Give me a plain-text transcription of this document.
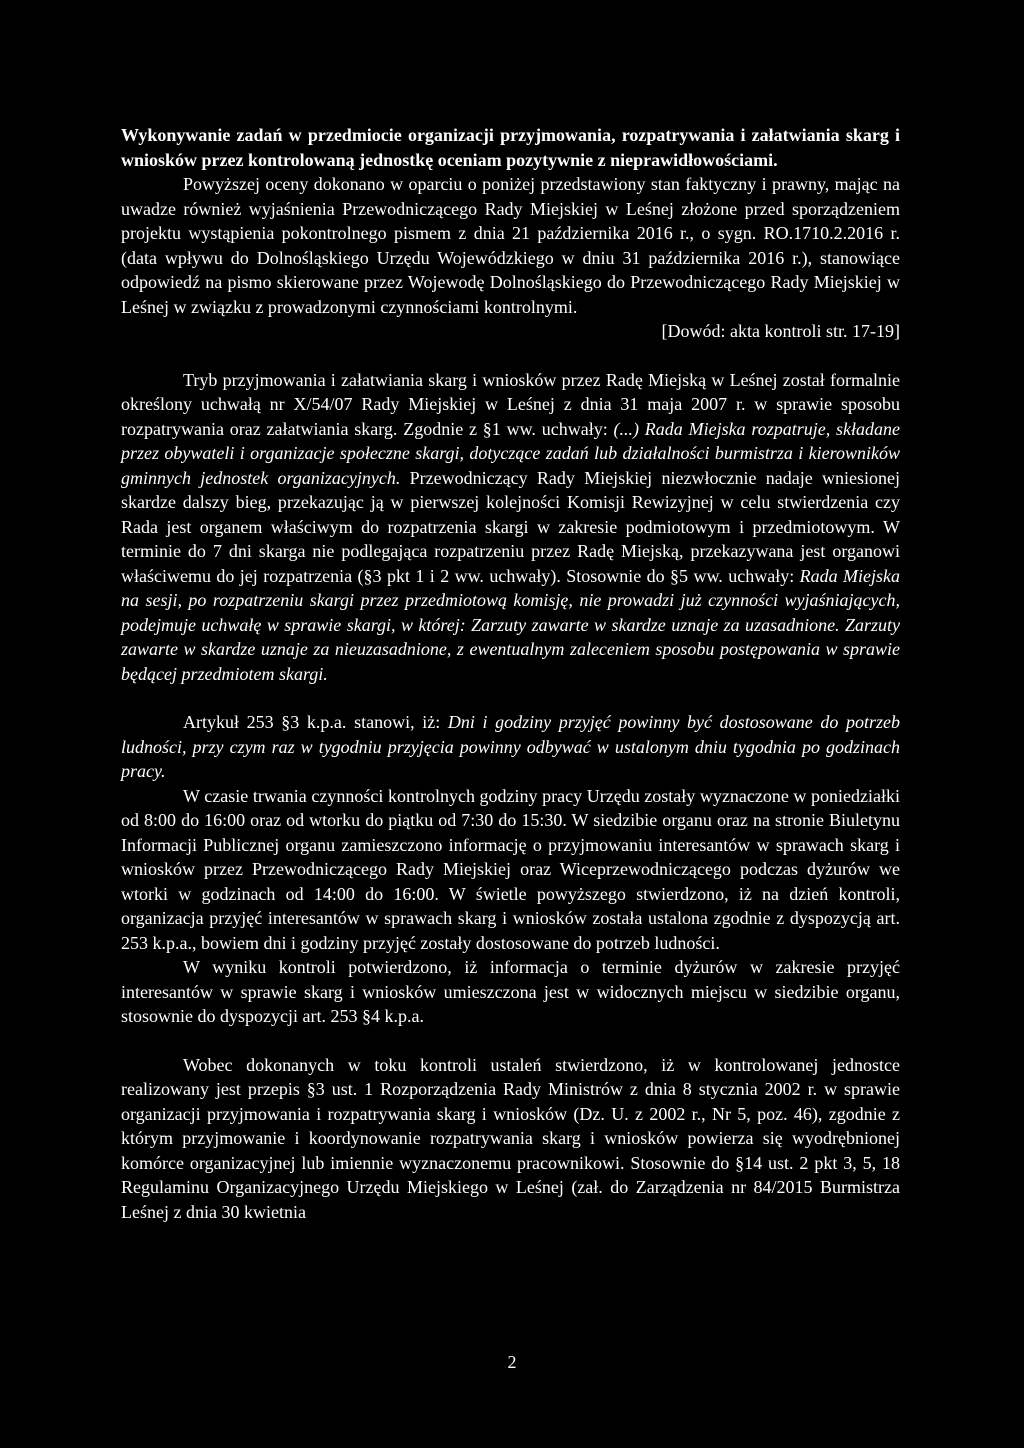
Wykonywanie zadań w przedmiocie organizacji przyjmowania, rozpatrywania i załatwiania skarg i wniosków przez kontrolowaną jednostkę oceniam pozytywnie z nieprawidłowościami.

Powyższej oceny dokonano w oparciu o poniżej przedstawiony stan faktyczny i prawny, mając na uwadze również wyjaśnienia Przewodniczącego Rady Miejskiej w Leśnej złożone przed sporządzeniem projektu wystąpienia pokontrolnego pismem z dnia 21 października 2016 r., o sygn. RO.1710.2.2016 r. (data wpływu do Dolnośląskiego Urzędu Wojewódzkiego w dniu 31 października 2016 r.), stanowiące odpowiedź na pismo skierowane przez Wojewodę Dolnośląskiego do Przewodniczącego Rady Miejskiej w Leśnej w związku z prowadzonymi czynnościami kontrolnymi.

[Dowód: akta kontroli str. 17-19]

Tryb przyjmowania i załatwiania skarg i wniosków przez Radę Miejską w Leśnej został formalnie określony uchwałą nr X/54/07 Rady Miejskiej w Leśnej z dnia 31 maja 2007 r. w sprawie sposobu rozpatrywania oraz załatwiania skarg. Zgodnie z §1 ww. uchwały: (...) Rada Miejska rozpatruje, składane przez obywateli i organizacje społeczne skargi, dotyczące zadań lub działalności burmistrza i kierowników gminnych jednostek organizacyjnych. Przewodniczący Rady Miejskiej niezwłocznie nadaje wniesionej skardze dalszy bieg, przekazując ją w pierwszej kolejności Komisji Rewizyjnej w celu stwierdzenia czy Rada jest organem właściwym do rozpatrzenia skargi w zakresie podmiotowym i przedmiotowym. W terminie do 7 dni skarga nie podlegająca rozpatrzeniu przez Radę Miejską, przekazywana jest organowi właściwemu do jej rozpatrzenia (§3 pkt 1 i 2 ww. uchwały). Stosownie do §5 ww. uchwały: Rada Miejska na sesji, po rozpatrzeniu skargi przez przedmiotową komisję, nie prowadzi już czynności wyjaśniających, podejmuje uchwałę w sprawie skargi, w której: Zarzuty zawarte w skardze uznaje za uzasadnione. Zarzuty zawarte w skardze uznaje za nieuzasadnione, z ewentualnym zaleceniem sposobu postępowania w sprawie będącej przedmiotem skargi.

Artykuł 253 §3 k.p.a. stanowi, iż: Dni i godziny przyjęć powinny być dostosowane do potrzeb ludności, przy czym raz w tygodniu przyjęcia powinny odbywać w ustalonym dniu tygodnia po godzinach pracy.

W czasie trwania czynności kontrolnych godziny pracy Urzędu zostały wyznaczone w poniedziałki od 8:00 do 16:00 oraz od wtorku do piątku od 7:30 do 15:30. W siedzibie organu oraz na stronie Biuletynu Informacji Publicznej organu zamieszczono informację o przyjmowaniu interesantów w sprawach skarg i wniosków przez Przewodniczącego Rady Miejskiej oraz Wiceprzewodniczącego podczas dyżurów we wtorki w godzinach od 14:00 do 16:00. W świetle powyższego stwierdzono, iż na dzień kontroli, organizacja przyjęć interesantów w sprawach skarg i wniosków została ustalona zgodnie z dyspozycją art. 253 k.p.a., bowiem dni i godziny przyjęć zostały dostosowane do potrzeb ludności.

W wyniku kontroli potwierdzono, iż informacja o terminie dyżurów w zakresie przyjęć interesantów w sprawie skarg i wniosków umieszczona jest w widocznych miejscu w siedzibie organu, stosownie do dyspozycji art. 253 §4 k.p.a.

Wobec dokonanych w toku kontroli ustaleń stwierdzono, iż w kontrolowanej jednostce realizowany jest przepis §3 ust. 1 Rozporządzenia Rady Ministrów z dnia 8 stycznia 2002 r. w sprawie organizacji przyjmowania i rozpatrywania skarg i wniosków (Dz. U. z 2002 r., Nr 5, poz. 46), zgodnie z którym przyjmowanie i koordynowanie rozpatrywania skarg i wniosków powierza się wyodrębnionej komórce organizacyjnej lub imiennie wyznaczonemu pracownikowi. Stosownie do §14 ust. 2 pkt 3, 5, 18 Regulaminu Organizacyjnego Urzędu Miejskiego w Leśnej (zał. do Zarządzenia nr 84/2015 Burmistrza Leśnej z dnia 30 kwietnia

2
